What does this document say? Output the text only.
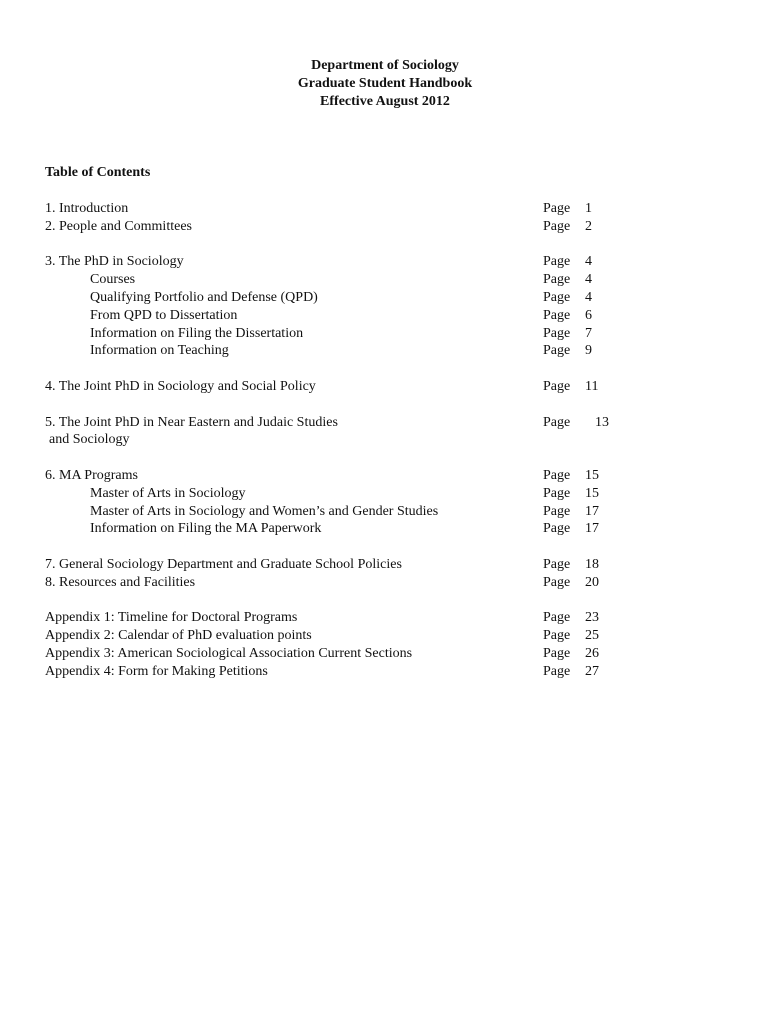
Department of Sociology
Graduate Student Handbook
Effective August 2012
Table of Contents
1. Introduction	Page 1
2. People and Committees	Page 2
3. The PhD in Sociology	Page 4
Courses	Page 4
Qualifying Portfolio and Defense (QPD)	Page 4
From QPD to Dissertation	Page 6
Information on Filing the Dissertation	Page 7
Information on Teaching	Page 9
4. The Joint PhD in Sociology and Social Policy	Page 11
5. The Joint PhD in Near Eastern and Judaic Studies	Page 13
and Sociology
6. MA Programs	Page 15
Master of Arts in Sociology	Page 15
Master of Arts in Sociology and Women’s and Gender Studies	Page 17
Information on Filing the MA Paperwork	Page 17
7. General Sociology Department and Graduate School Policies	Page 18
8. Resources and Facilities	Page 20
Appendix 1: Timeline for Doctoral Programs	Page 23
Appendix 2: Calendar of PhD evaluation points	Page 25
Appendix 3: American Sociological Association Current Sections	Page 26
Appendix 4: Form for Making Petitions	Page 27
